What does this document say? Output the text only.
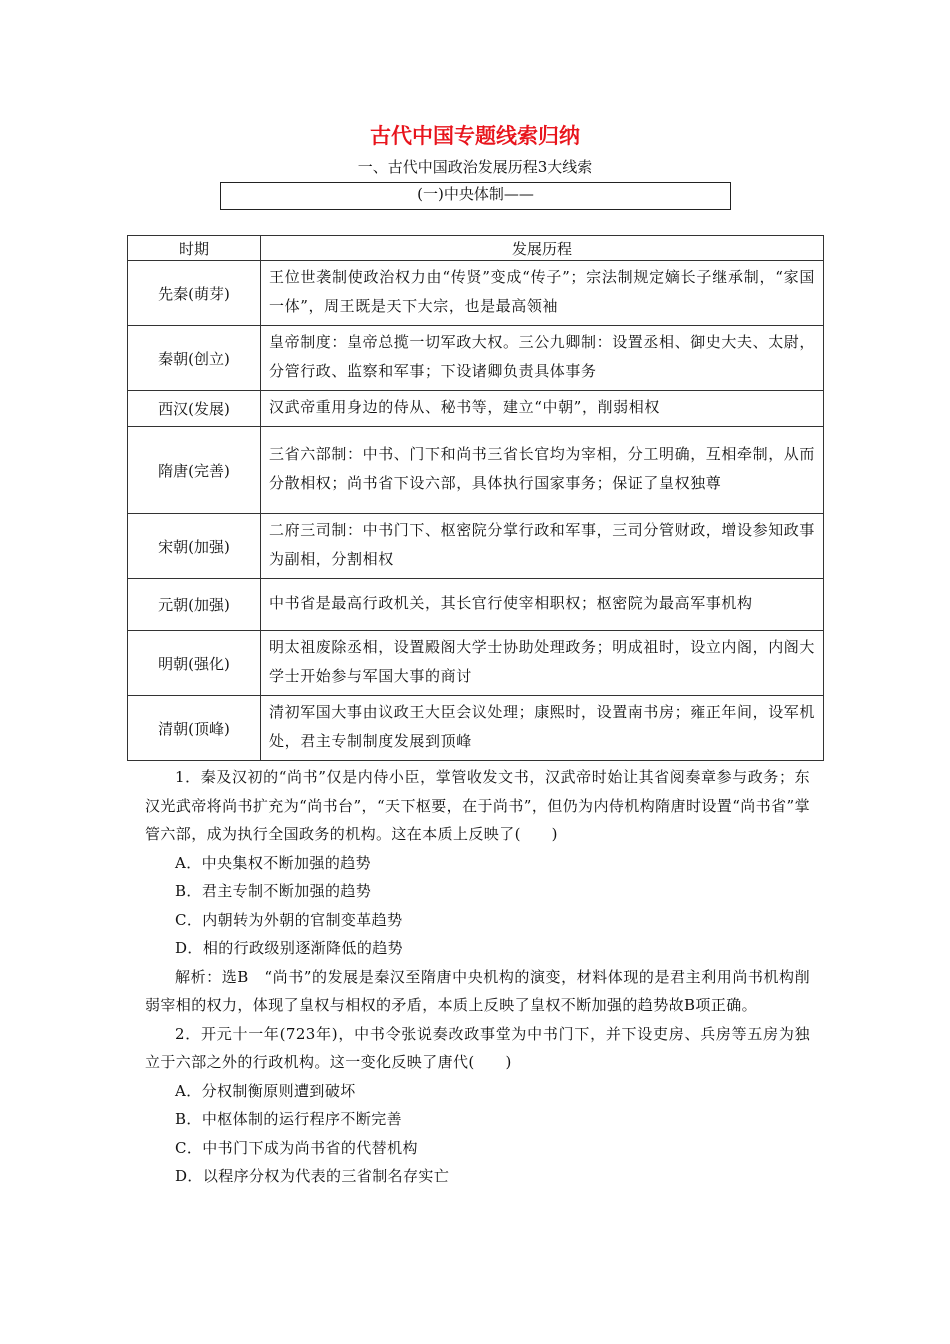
古代中国专题线索归纳
一、古代中国政治发展历程3大线索
(一)中央体制——
时期	发展历程
先秦(萌芽)	王位世袭制使政治权力由“传贤”变成“传子”；宗法制规定嫡长子继承制，“家国一体”，周王既是天下大宗，也是最高领袖
秦朝(创立)	皇帝制度：皇帝总揽一切军政大权。三公九卿制：设置丞相、御史大夫、太尉，分管行政、监察和军事；下设诸卿负责具体事务
西汉(发展)	汉武帝重用身边的侍从、秘书等，建立“中朝”，削弱相权
隋唐(完善)	三省六部制：中书、门下和尚书三省长官均为宰相，分工明确，互相牵制，从而分散相权；尚书省下设六部，具体执行国家事务；保证了皇权独尊
宋朝(加强)	二府三司制：中书门下、枢密院分掌行政和军事，三司分管财政，增设参知政事为副相，分割相权
元朝(加强)	中书省是最高行政机关，其长官行使宰相职权；枢密院为最高军事机构
明朝(强化)	明太祖废除丞相，设置殿阁大学士协助处理政务；明成祖时，设立内阁，内阁大学士开始参与军国大事的商讨
清朝(顶峰)	清初军国大事由议政王大臣会议处理；康熙时，设置南书房；雍正年间，设军机处，君主专制制度发展到顶峰

1．秦及汉初的“尚书”仅是内侍小臣，掌管收发文书，汉武帝时始让其省阅奏章参与政务；东汉光武帝将尚书扩充为“尚书台”，“天下枢要，在于尚书”，但仍为内侍机构隋唐时设置“尚书省”掌管六部，成为执行全国政务的机构。这在本质上反映了(　　)

A．中央集权不断加强的趋势

B．君主专制不断加强的趋势

C．内朝转为外朝的官制变革趋势

D．相的行政级别逐渐降低的趋势

解析：选B　“尚书”的发展是秦汉至隋唐中央机构的演变，材料体现的是君主利用尚书机构削弱宰相的权力，体现了皇权与相权的矛盾，本质上反映了皇权不断加强的趋势故B项正确。

2．开元十一年(723年)，中书令张说奏改政事堂为中书门下，并下设吏房、兵房等五房为独立于六部之外的行政机构。这一变化反映了唐代(　　)

A．分权制衡原则遭到破坏

B．中枢体制的运行程序不断完善

C．中书门下成为尚书省的代替机构

D．以程序分权为代表的三省制名存实亡
